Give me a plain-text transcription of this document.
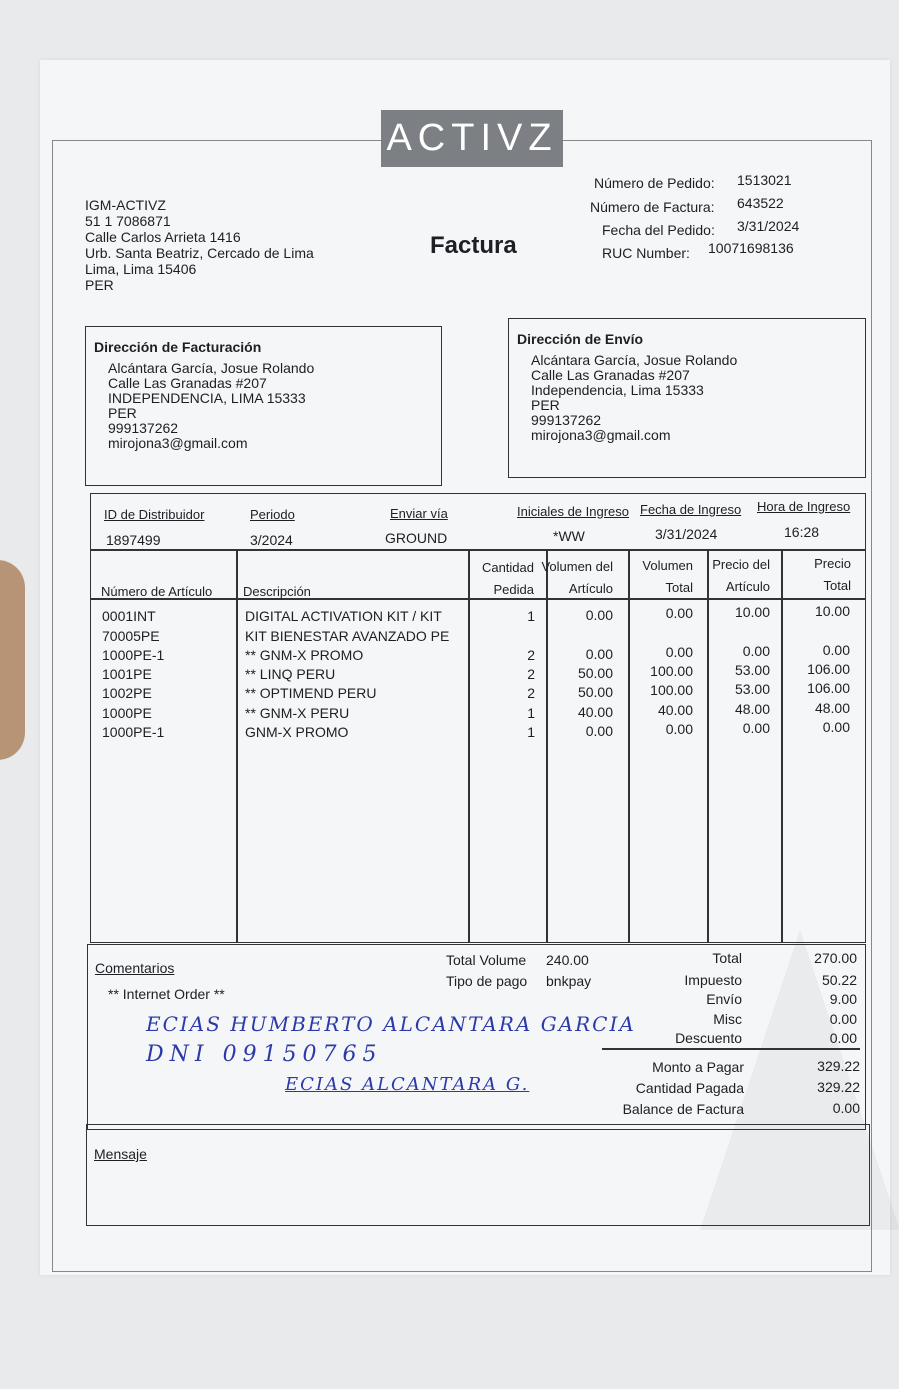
ACTIVZ
IGM-ACTIVZ
51 1 7086871
Calle Carlos Arrieta 1416
Urb. Santa Beatriz, Cercado de Lima
Lima, Lima 15406
PER
Factura
Número de Pedido: 1513021
Número de Factura: 643522
Fecha del Pedido: 3/31/2024
RUC Number: 10071698136
Dirección de Facturación
Alcántara García, Josue Rolando
Calle Las Granadas #207
INDEPENDENCIA, LIMA 15333
PER
999137262
mirojona3@gmail.com
Dirección de Envío
Alcántara García, Josue Rolando
Calle Las Granadas #207
Independencia, Lima 15333
PER
999137262
mirojona3@gmail.com
ID de Distribuidor	Periodo	Enviar vía	Iniciales de Ingreso Fecha de Ingreso Hora de Ingreso
1897499	3/2024	GROUND	*WW	3/31/2024	16:28
Número de Artículo Descripción
Cantidad
Pedida
Volumen del
Artículo
Volumen
Total
Precio del
Artículo
Precio
Total
0001INT	DIGITAL ACTIVATION KIT / KIT	1	0.00	0.00	10.00	10.00
70005PE	KIT BIENESTAR AVANZADO PE
1000PE-1	** GNM-X PROMO	2	0.00	0.00	0.00	0.00
1001PE	** LINQ PERU	2	50.00	100.00	53.00	106.00
1002PE	** OPTIMEND PERU	2	50.00	100.00	53.00	106.00
1000PE	** GNM-X PERU	1	40.00	40.00	48.00	48.00
1000PE-1	GNM-X PROMO	1	0.00	0.00	0.00	0.00
Comentarios
** Internet Order **
ECIAS HUMBERTO ALCANTARA GARCIA
DNI 09150765
ECIAS ALCANTARA G.
Total Volume 240.00
Tipo de pago bnkpay
Total	270.00
Impuesto	50.22
Envío	9.00
Misc	0.00
Descuento	0.00
Monto a Pagar	329.22
Cantidad Pagada	329.22
Balance de Factura	0.00
Mensaje
